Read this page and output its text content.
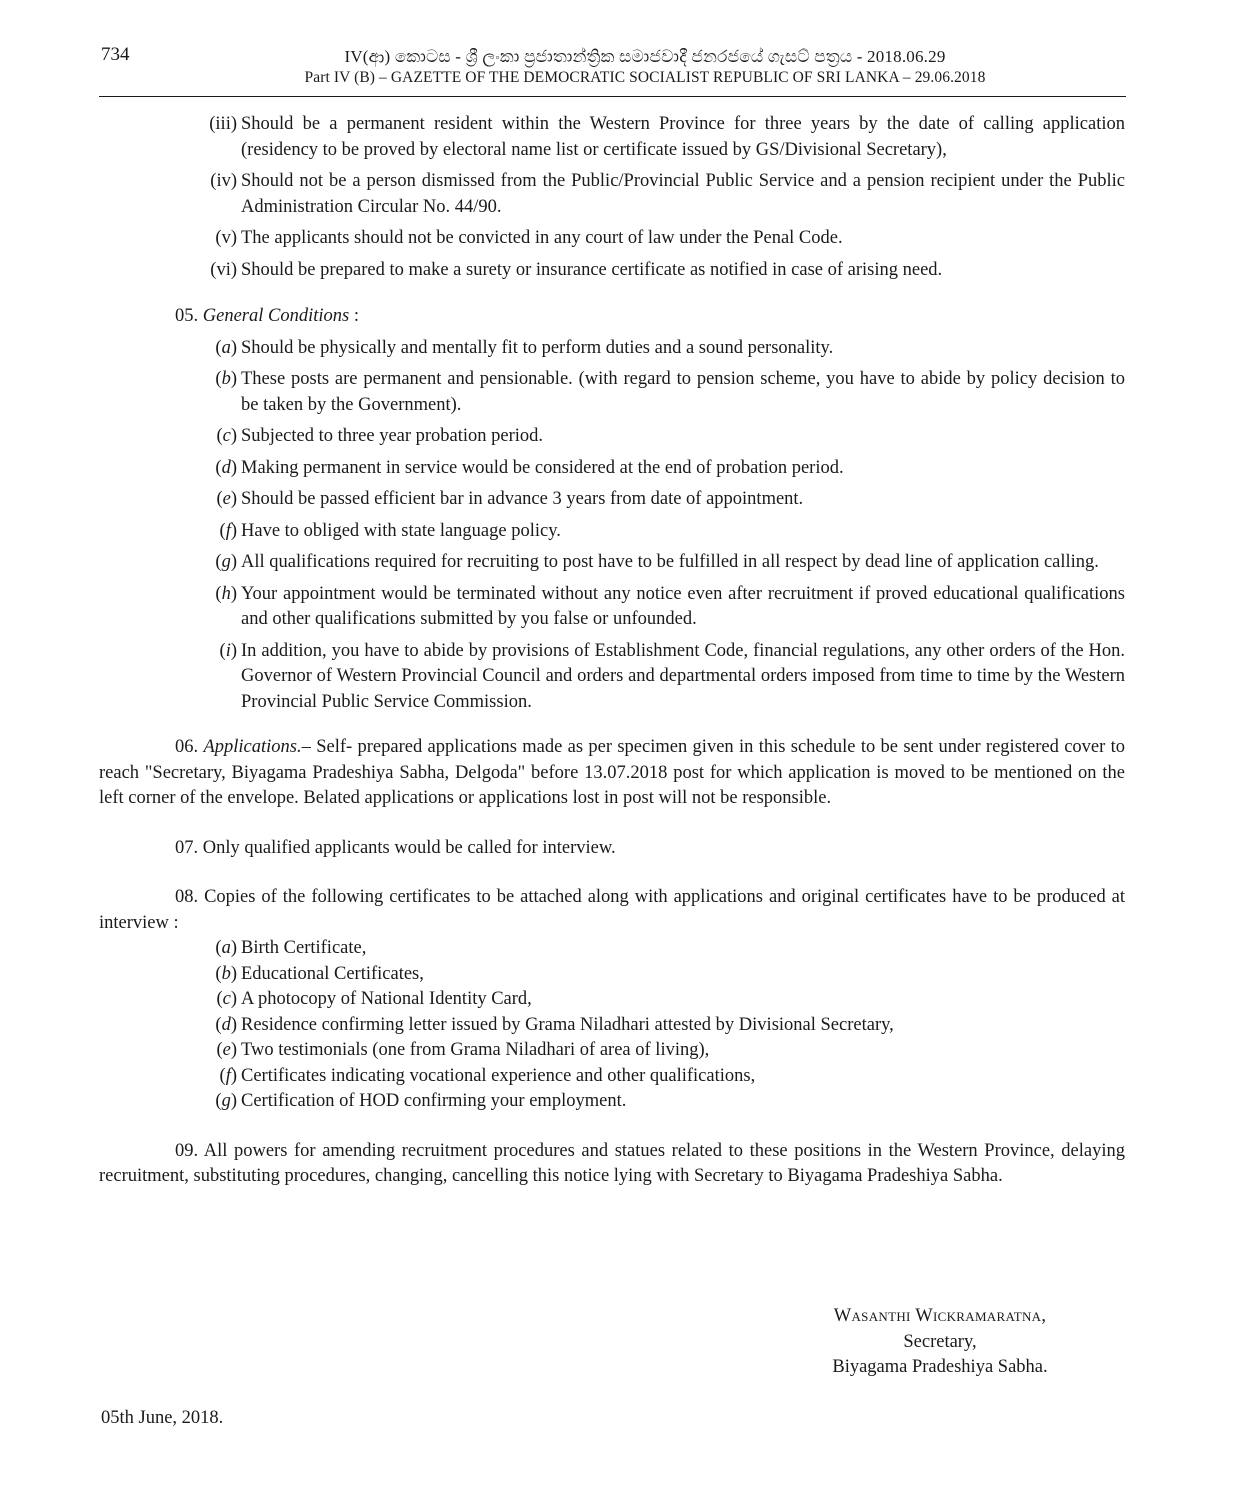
734	IV(ආ) කොටස - ශ්‍රී ලංකා ප්‍රජාතාන්ත්‍රික සමාජවාදී ජනරජයේ ගැසට් පත්‍රය - 2018.06.29
Part IV (B) – GAZETTE OF THE DEMOCRATIC SOCIALIST REPUBLIC OF SRI LANKA – 29.06.2018
(iii) Should be a permanent resident within the Western Province for three years by the date of calling application (residency to be proved by electoral name list or certificate issued by GS/Divisional Secretary),
(iv) Should not be a person dismissed from the Public/Provincial Public Service and a pension recipient under the Public Administration Circular No. 44/90.
(v) The applicants should not be convicted in any court of law under the Penal Code.
(vi) Should be prepared to make a surety or insurance certificate as notified in case of arising need.
05. General Conditions :
(a) Should be physically and mentally fit to perform duties and a sound personality.
(b) These posts are permanent and pensionable. (with regard to pension scheme, you have to abide by policy decision to be taken by the Government).
(c) Subjected to three year probation period.
(d) Making permanent in service would be considered at the end of probation period.
(e) Should be passed efficient bar in advance 3 years from date of appointment.
(f) Have to obliged with state language policy.
(g) All qualifications required for recruiting to post have to be fulfilled in all respect by dead line of application calling.
(h) Your appointment would be terminated without any notice even after recruitment if proved educational qualifications and other qualifications submitted by you false or unfounded.
(i) In addition, you have to abide by provisions of Establishment Code, financial regulations, any other orders of the Hon. Governor of Western Provincial Council and orders and departmental orders imposed from time to time by the Western Provincial Public Service Commission.
06. Applications.– Self- prepared applications made as per specimen given in this schedule to be sent under registered cover to reach "Secretary, Biyagama Pradeshiya Sabha, Delgoda" before 13.07.2018 post for which application is moved to be mentioned on the left corner of the envelope. Belated applications or applications lost in post will not be responsible.
07. Only qualified applicants would be called for interview.
08. Copies of the following certificates to be attached along with applications and original certificates have to be produced at interview :
(a) Birth Certificate,
(b) Educational Certificates,
(c) A photocopy of National Identity Card,
(d) Residence confirming letter issued by Grama Niladhari attested by Divisional Secretary,
(e) Two testimonials (one from Grama Niladhari of area of living),
(f) Certificates indicating vocational experience and other qualifications,
(g) Certification of HOD confirming your employment.
09. All powers for amending recruitment procedures and statues related to these positions in the Western Province, delaying recruitment, substituting procedures, changing, cancelling this notice lying with Secretary to Biyagama Pradeshiya Sabha.
Wasanthi Wickramaratna,
Secretary,
Biyagama Pradeshiya Sabha.
05th June, 2018.
